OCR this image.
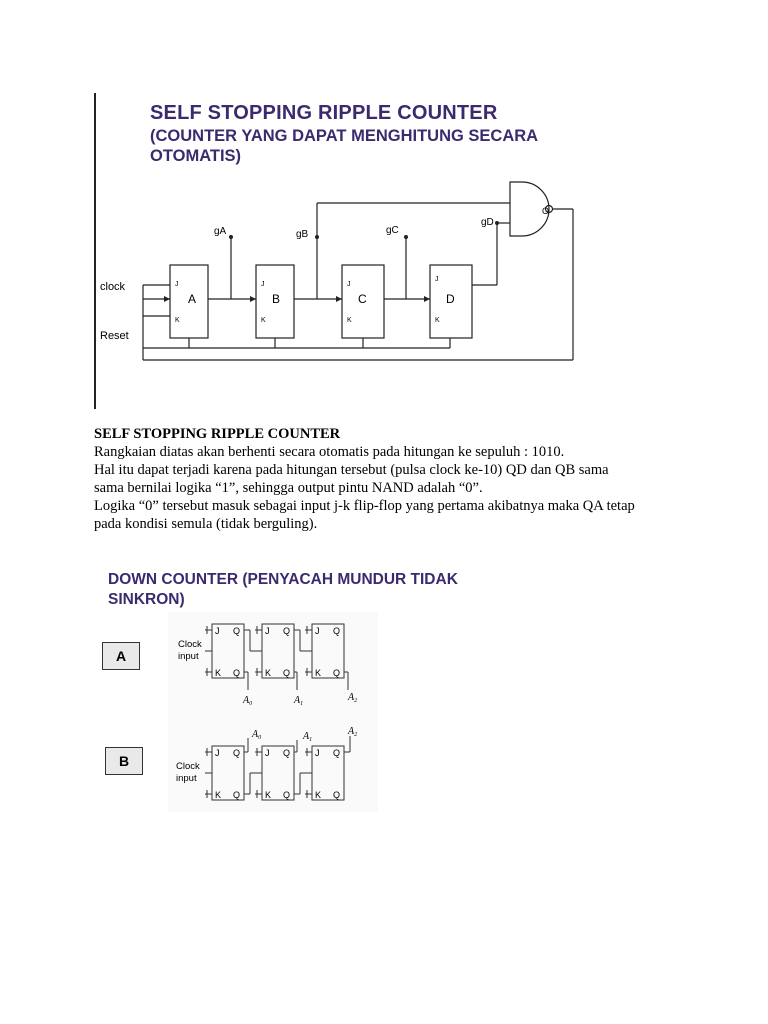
SELF STOPPING RIPPLE COUNTER
(COUNTER YANG DAPAT MENGHITUNG SECARA
OTOMATIS)
clock
Reset
J
K
A
J
K
B
J
K
C
J
K
D
gA	gB	gC
gD
O
SELF STOPPING RIPPLE COUNTER
Rangkaian diatas akan berhenti secara otomatis pada hitungan ke sepuluh : 1010.
Hal itu dapat terjadi karena pada hitungan tersebut (pulsa clock ke-10) QD dan QB sama
sama bernilai logika “1”, sehingga output pintu NAND adalah “0”.
Logika “0” tersebut masuk sebagai input j-k flip-flop yang pertama akibatnya maka QA tetap
pada kondisi semula (tidak berguling).
DOWN COUNTER (PENYACAH MUNDUR TIDAK
SINKRON)
A
B
Clock
input
J Q
K Q
J Q
K Q
J Q
K Q
$A_0$	$A_1$
$A_2$
$A_0$	$A_1$
$A_2$
Clock
input
J Q
K Q
J Q
K Q
J Q
K Q
